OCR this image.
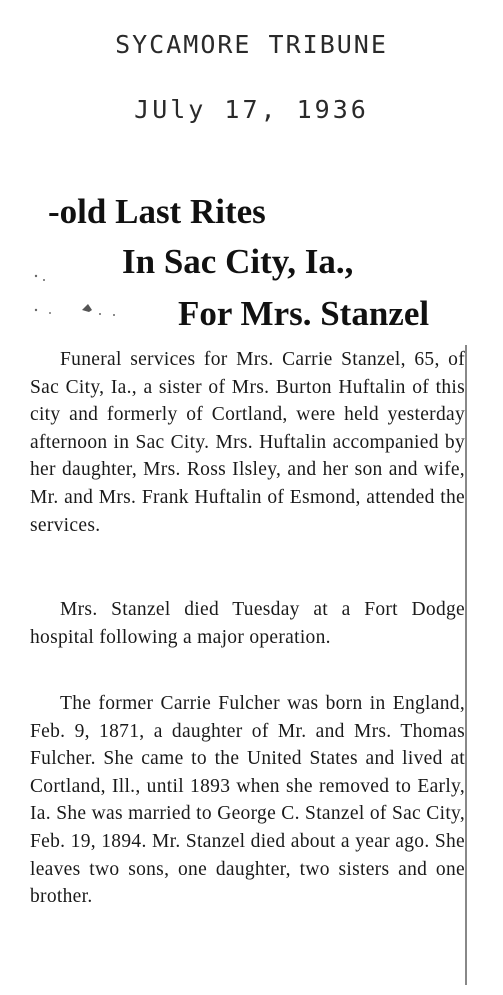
SYCAMORE TRIBUNE
JUly 17, 1936
-old Last Rites
In Sac City, Ia.,
For Mrs. Stanzel

Funeral services for Mrs. Carrie Stanzel, 65, of Sac City, Ia., a sister of Mrs. Burton Huftalin of this city and formerly of Cortland, were held yesterday afternoon in Sac City. Mrs. Huftalin accompanied by her daughter, Mrs. Ross Ilsley, and her son and wife, Mr. and Mrs. Frank Huftalin of Esmond, attended the services.

Mrs. Stanzel died Tuesday at a Fort Dodge hospital following a major operation.

The former Carrie Fulcher was born in England, Feb. 9, 1871, a daughter of Mr. and Mrs. Thomas Fulcher. She came to the United States and lived at Cortland, Ill., until 1893 when she removed to Early, Ia. She was married to George C. Stanzel of Sac City, Feb. 19, 1894. Mr. Stanzel died about a year ago. She leaves two sons, one daughter, two sisters and one brother.
